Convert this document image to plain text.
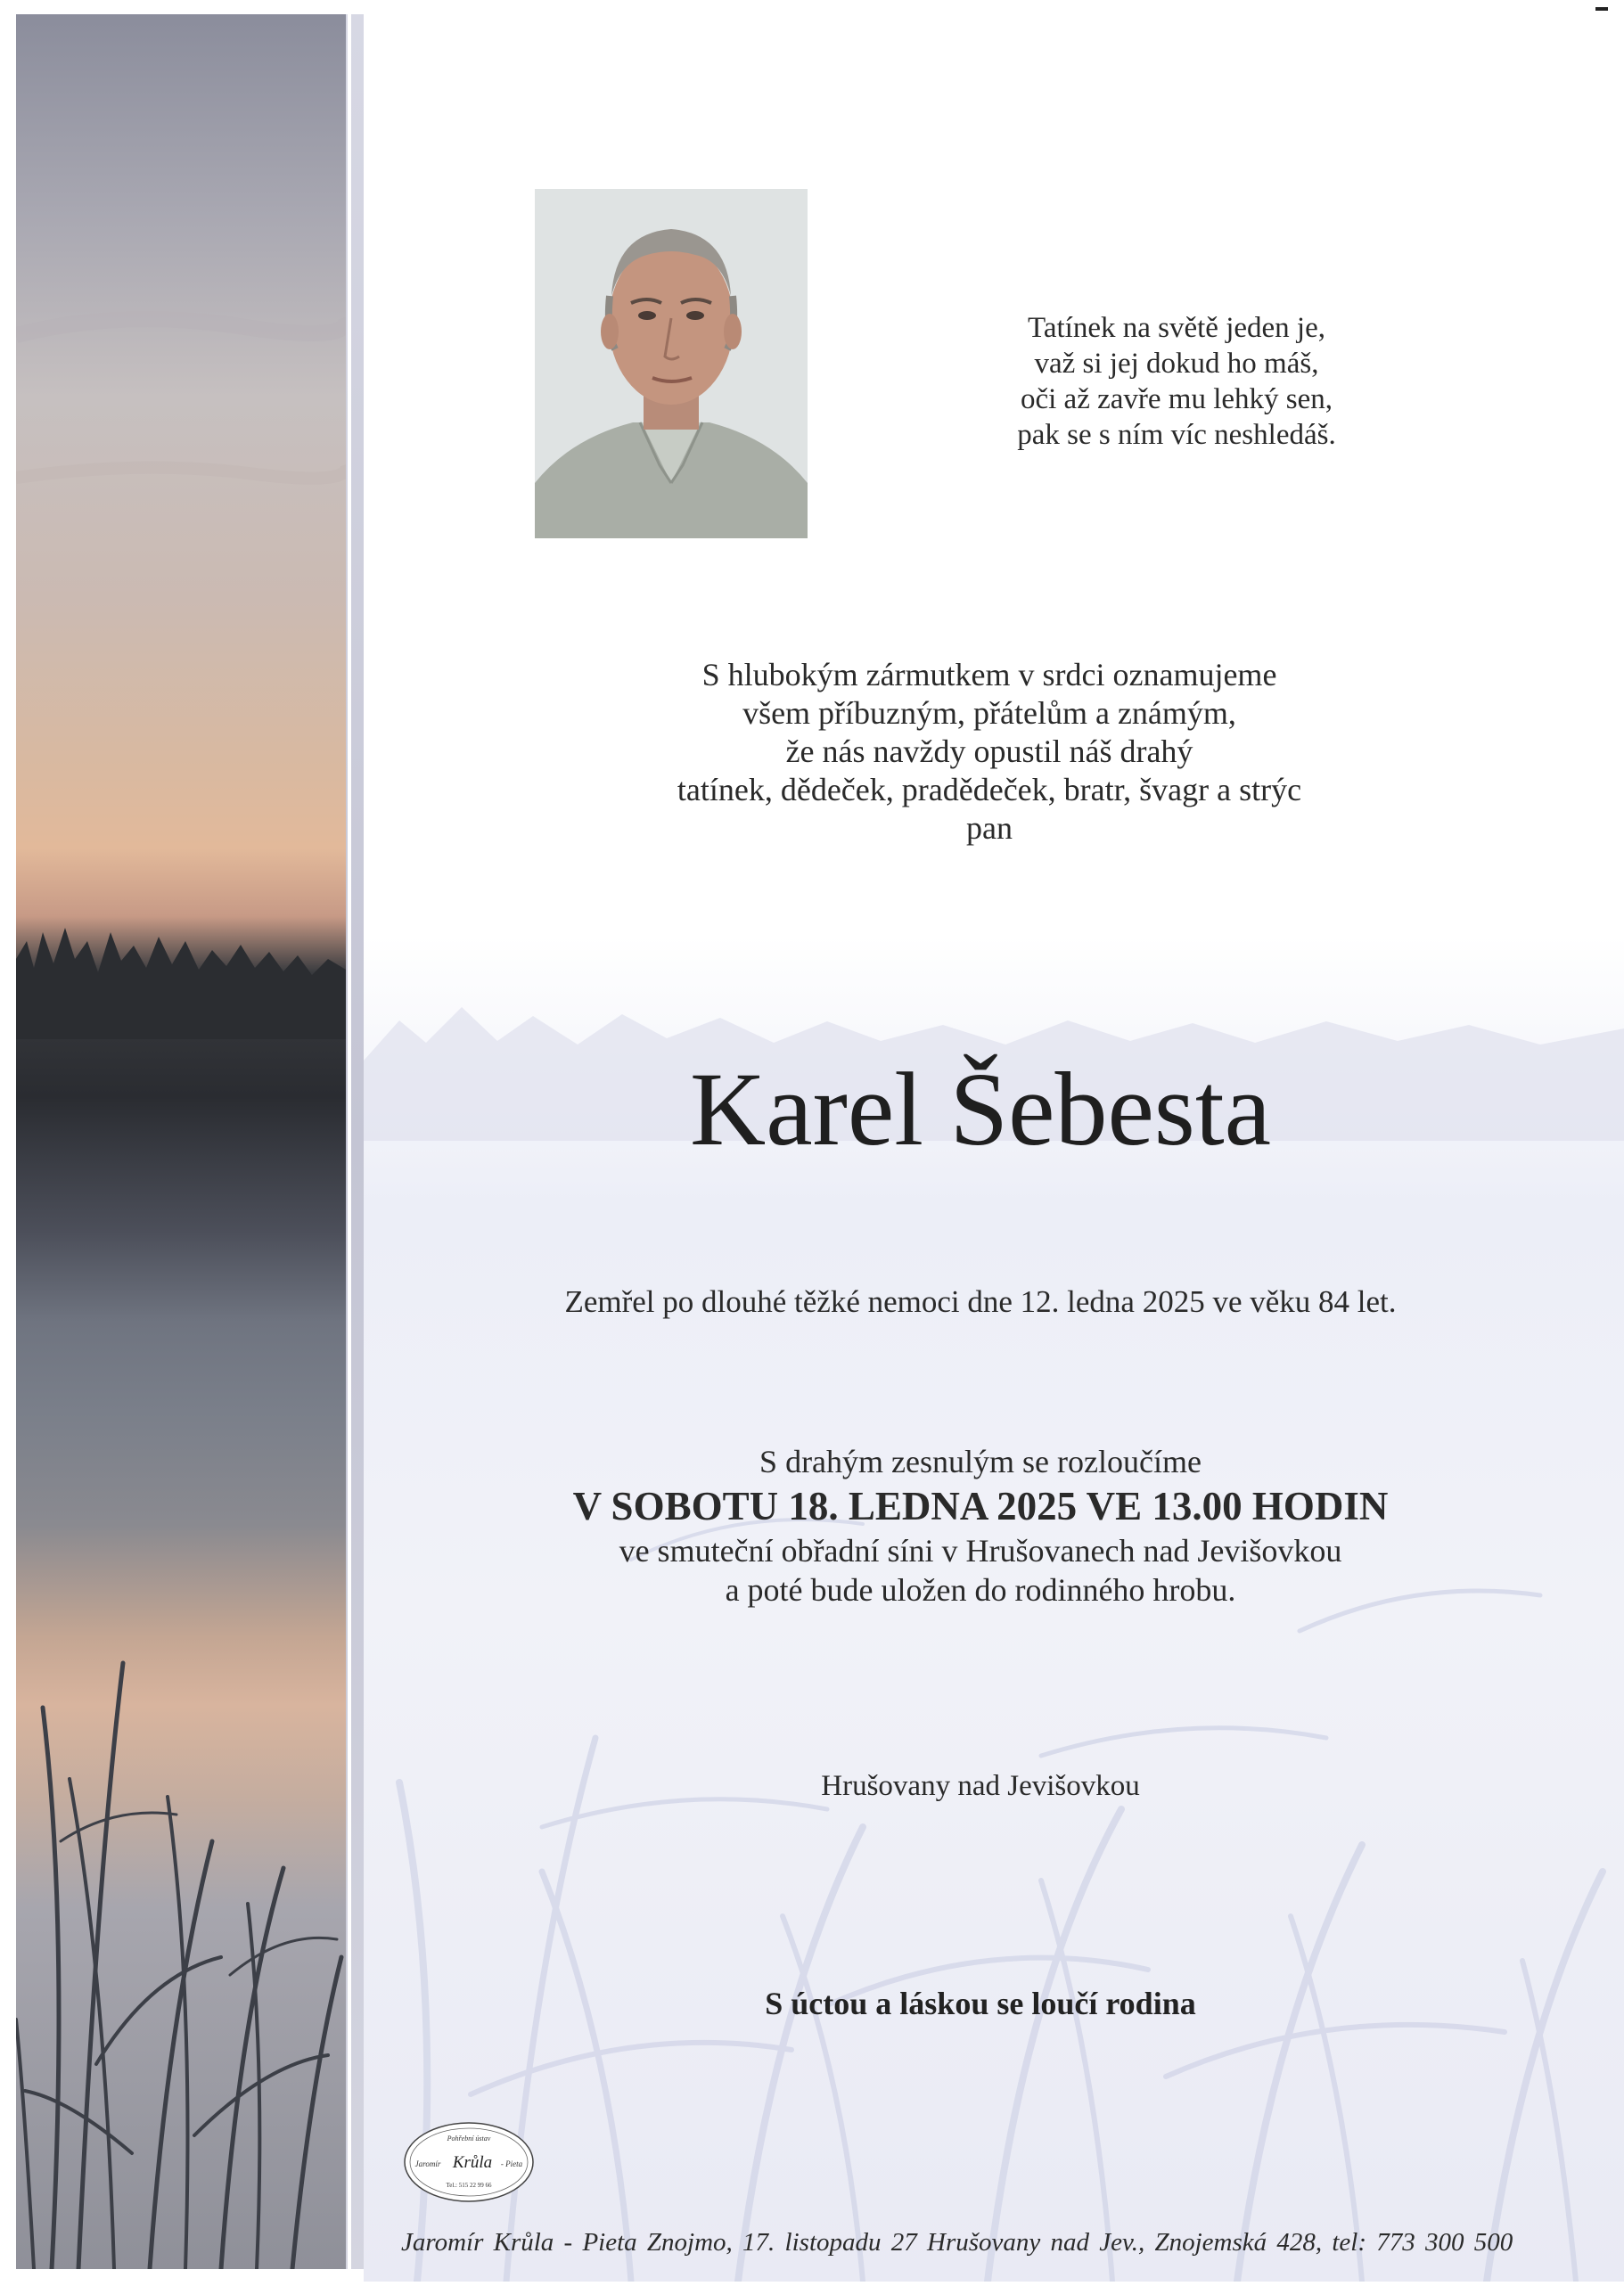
Tatínek na světě jeden je,
važ si jej dokud ho máš,
oči až zavře mu lehký sen,
pak se s ním víc neshledáš.
S hlubokým zármutkem v srdci oznamujeme
všem příbuzným, přátelům a známým,
že nás navždy opustil náš drahý
tatínek, dědeček, pradědeček, bratr, švagr a strýc
pan
Karel Šebesta
Zemřel po dlouhé těžké nemoci dne 12. ledna 2025 ve věku 84 let.
S drahým zesnulým se rozloučíme
V SOBOTU 18. LEDNA 2025 VE 13.00 HODIN
ve smuteční obřadní síni v Hrušovanech nad Jevišovkou
a poté bude uložen do rodinného hrobu.
Hrušovany nad Jevišovkou
S úctou a láskou se loučí rodina
Pohřební ústav
Jaromír Krůla - Pieta
Tel.: 515 22 99 66
Jaromír Krůla - Pieta Znojmo, 17. listopadu 27 Hrušovany nad Jev., Znojemská 428, tel: 773 300 500
